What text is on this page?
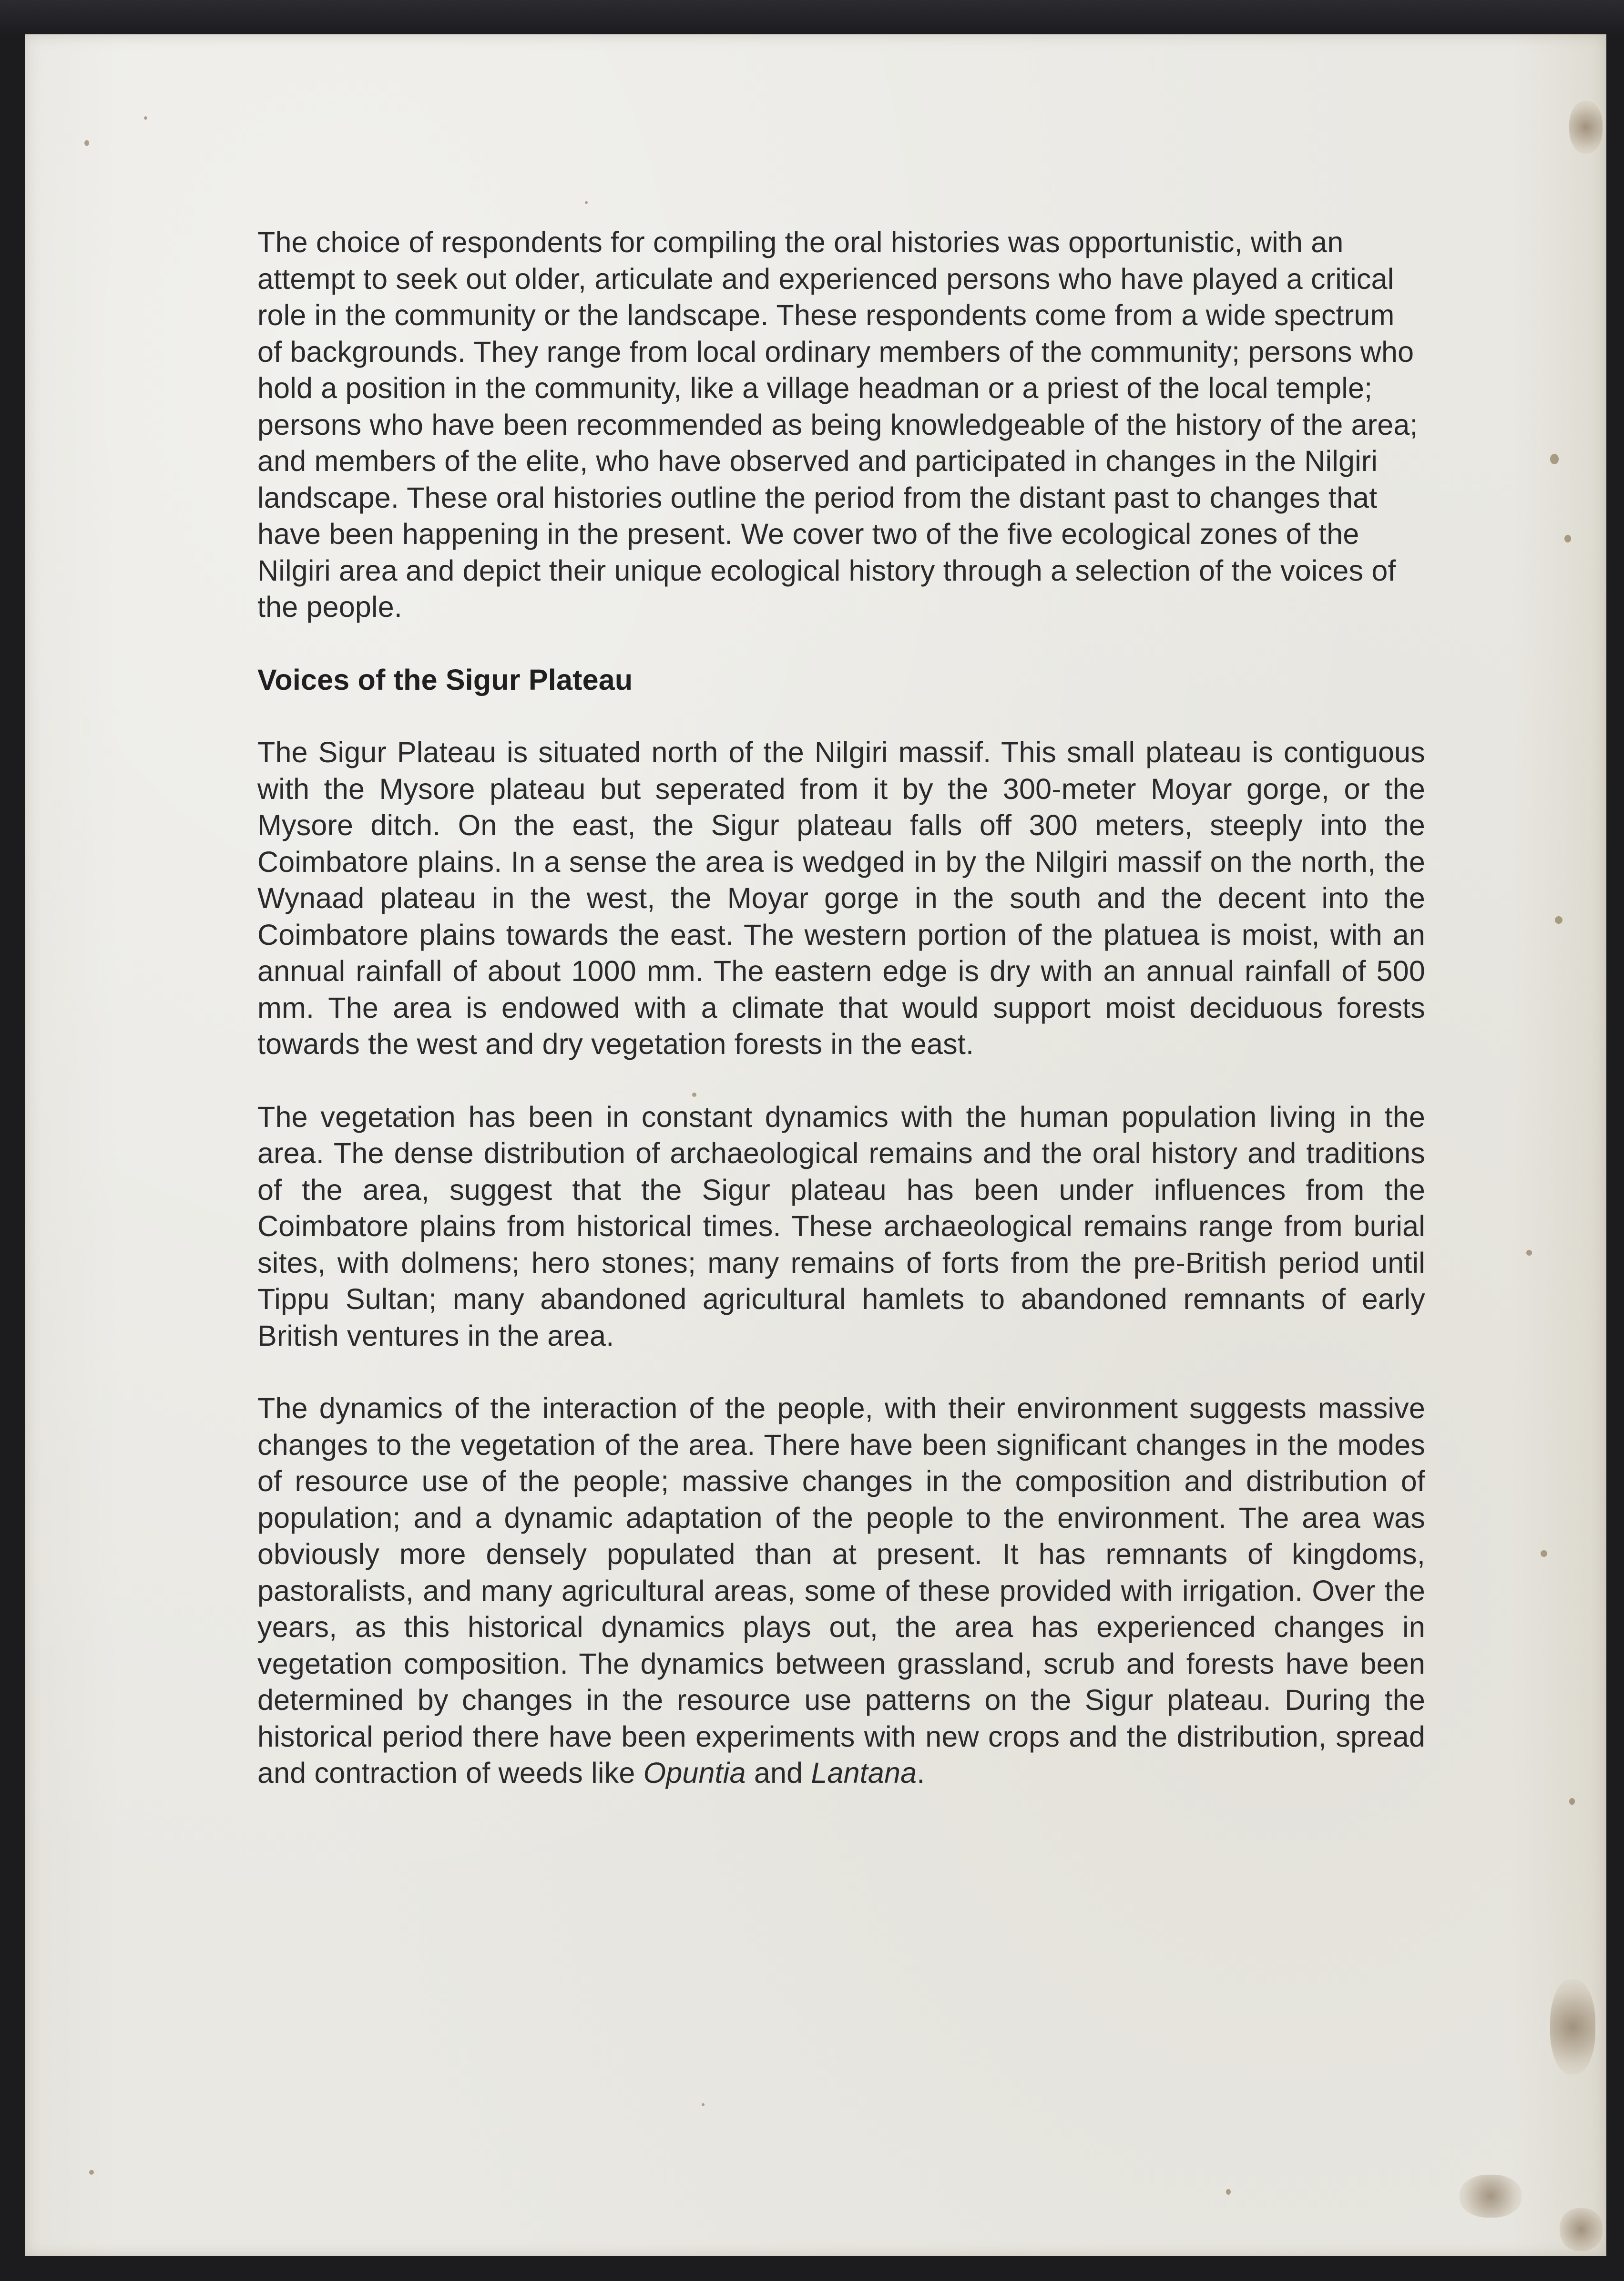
The choice of respondents for compiling the oral histories was opportunistic, with an attempt to seek out older, articulate and experienced persons who have played a critical role in the community or the landscape. These respondents come from a wide spectrum of backgrounds. They range from local ordinary members of the community; persons who hold a position in the community, like a village headman or a priest of the local temple; persons who have been recommended as being knowledgeable of the history of the area; and members of the elite, who have observed and participated in changes in the Nilgiri landscape. These oral histories outline the period from the distant past to changes that have been happening in the present. We cover two of the five ecological zones of the Nilgiri area and depict their unique ecological history through a selection of the voices of the people.

Voices of the Sigur Plateau

The Sigur Plateau is situated north of the Nilgiri massif. This small plateau is contiguous with the Mysore plateau but seperated from it by the 300-meter Moyar gorge, or the Mysore ditch. On the east, the Sigur plateau falls off 300 meters, steeply into the Coimbatore plains. In a sense the area is wedged in by the Nilgiri massif on the north, the Wynaad plateau in the west, the Moyar gorge in the south and the decent into the Coimbatore plains towards the east. The western portion of the platuea is moist, with an annual rainfall of about 1000 mm. The eastern edge is dry with an annual rainfall of 500 mm. The area is endowed with a climate that would support moist deciduous forests towards the west and dry vegetation forests in the east.

The vegetation has been in constant dynamics with the human population living in the area. The dense distribution of archaeological remains and the oral history and traditions of the area, suggest that the Sigur plateau has been under influences from the Coimbatore plains from historical times. These archaeological remains range from burial sites, with dolmens; hero stones; many remains of forts from the pre-British period until Tippu Sultan; many abandoned agricultural hamlets to abandoned remnants of early British ventures in the area.

The dynamics of the interaction of the people, with their environment suggests massive changes to the vegetation of the area. There have been significant changes in the modes of resource use of the people; massive changes in the composition and distribution of population; and a dynamic adaptation of the people to the environment. The area was obviously more densely populated than at present. It has remnants of kingdoms, pastoralists, and many agricultural areas, some of these provided with irrigation. Over the years, as this historical dynamics plays out, the area has experienced changes in vegetation composition. The dynamics between grassland, scrub and forests have been determined by changes in the resource use patterns on the Sigur plateau. During the historical period there have been experiments with new crops and the distribution, spread and contraction of weeds like Opuntia and Lantana.
